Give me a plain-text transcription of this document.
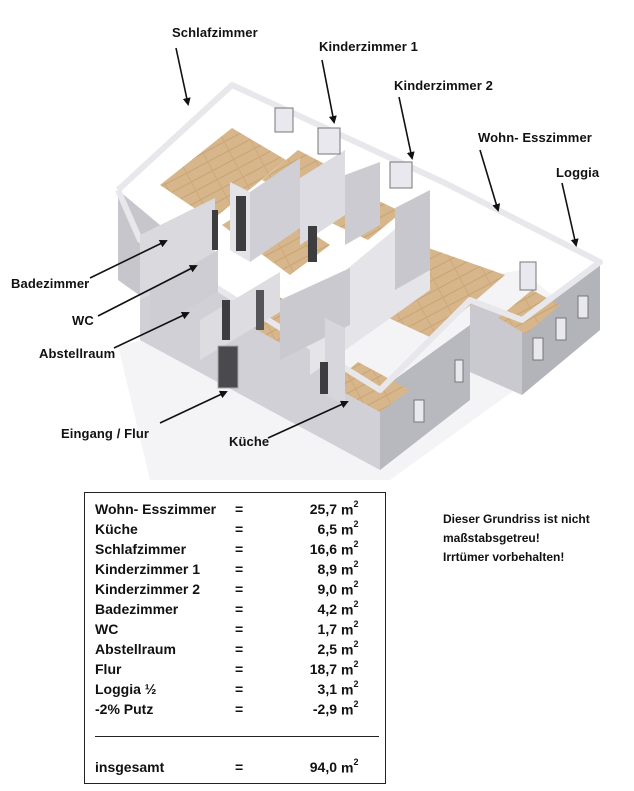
Schlafzimmer
Kinderzimmer 1
Kinderzimmer 2
Wohn- Esszimmer
Loggia
Badezimmer
WC
Abstellraum
Eingang / Flur
Küche
Wohn- Esszimmer =	25,7 $m^2$
Küche	=	6,5 $m^2$
Schlafzimmer	=	16,6 $m^2$
Kinderzimmer 1 =	8,9 $m^2$
Kinderzimmer 2 =	9,0 $m^2$
Badezimmer	=	4,2 $m^2$
WC	=	1,7 $m^2$
Abstellraum	=	2,5 $m^2$
Flur	=	18,7 $m^2$
Loggia ½	=	3,1 $m^2$
-2% Putz	=	-2,9 $m^2$
insgesamt	=	94,0 $m^2$
Dieser Grundriss ist nicht
maßstabsgetreu!
Irrtümer vorbehalten!
